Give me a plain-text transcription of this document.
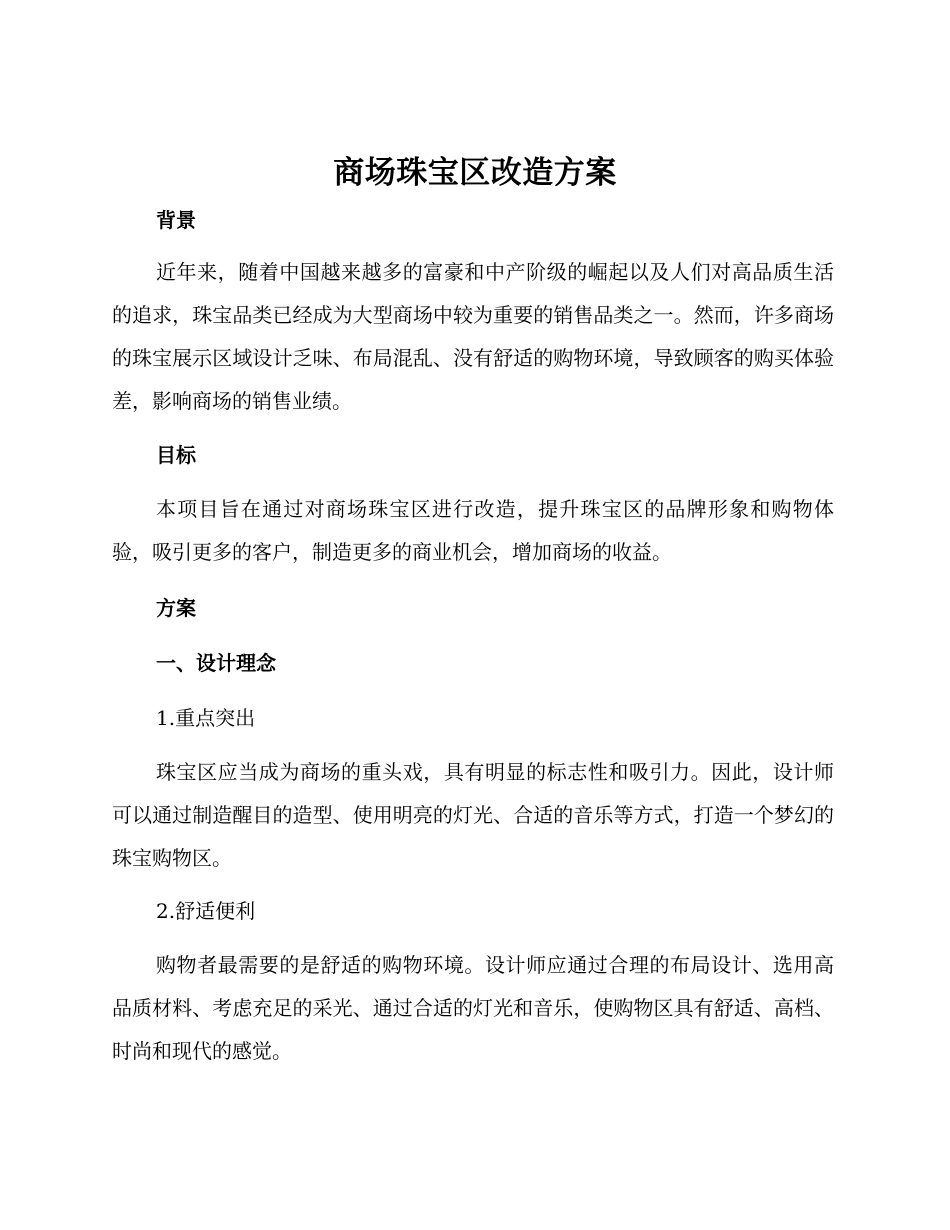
商场珠宝区改造方案
背景
近年来，随着中国越来越多的富豪和中产阶级的崛起以及人们对高品质生活的追求，珠宝品类已经成为大型商场中较为重要的销售品类之一。然而，许多商场的珠宝展示区域设计乏味、布局混乱、没有舒适的购物环境，导致顾客的购买体验差，影响商场的销售业绩。
目标
本项目旨在通过对商场珠宝区进行改造，提升珠宝区的品牌形象和购物体验，吸引更多的客户，制造更多的商业机会，增加商场的收益。
方案
一、设计理念
1.重点突出
珠宝区应当成为商场的重头戏，具有明显的标志性和吸引力。因此，设计师可以通过制造醒目的造型、使用明亮的灯光、合适的音乐等方式，打造一个梦幻的珠宝购物区。
2.舒适便利
购物者最需要的是舒适的购物环境。设计师应通过合理的布局设计、选用高品质材料、考虑充足的采光、通过合适的灯光和音乐，使购物区具有舒适、高档、时尚和现代的感觉。
